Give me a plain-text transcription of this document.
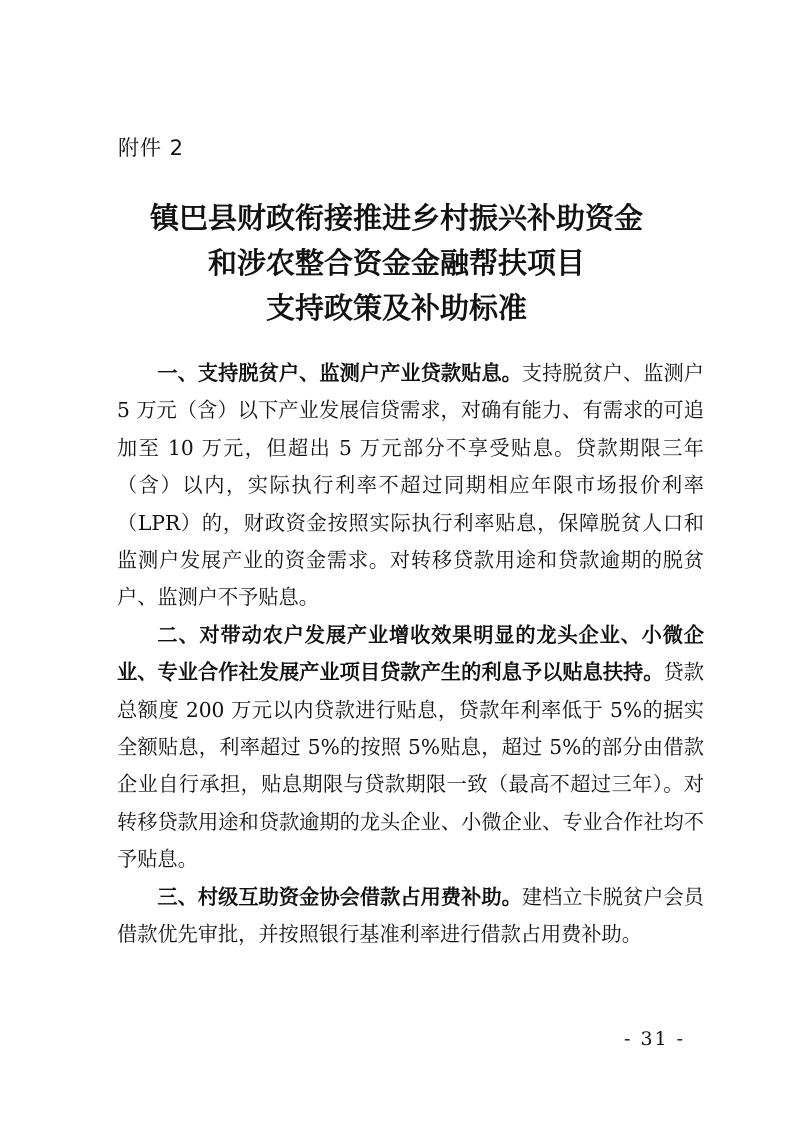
附件 2
镇巴县财政衔接推进乡村振兴补助资金
和涉农整合资金金融帮扶项目
支持政策及补助标准

一、支持脱贫户、监测户产业贷款贴息。支持脱贫户、监测户 5 万元（含）以下产业发展信贷需求，对确有能力、有需求的可追加至 10 万元，但超出 5 万元部分不享受贴息。贷款期限三年（含）以内，实际执行利率不超过同期相应年限市场报价利率（LPR）的，财政资金按照实际执行利率贴息，保障脱贫人口和监测户发展产业的资金需求。对转移贷款用途和贷款逾期的脱贫户、监测户不予贴息。

二、对带动农户发展产业增收效果明显的龙头企业、小微企业、专业合作社发展产业项目贷款产生的利息予以贴息扶持。贷款总额度 200 万元以内贷款进行贴息，贷款年利率低于 5%的据实全额贴息，利率超过 5%的按照 5%贴息，超过 5%的部分由借款企业自行承担，贴息期限与贷款期限一致（最高不超过三年）。对转移贷款用途和贷款逾期的龙头企业、小微企业、专业合作社均不予贴息。

三、村级互助资金协会借款占用费补助。建档立卡脱贫户会员借款优先审批，并按照银行基准利率进行借款占用费补助。

- 31 -
